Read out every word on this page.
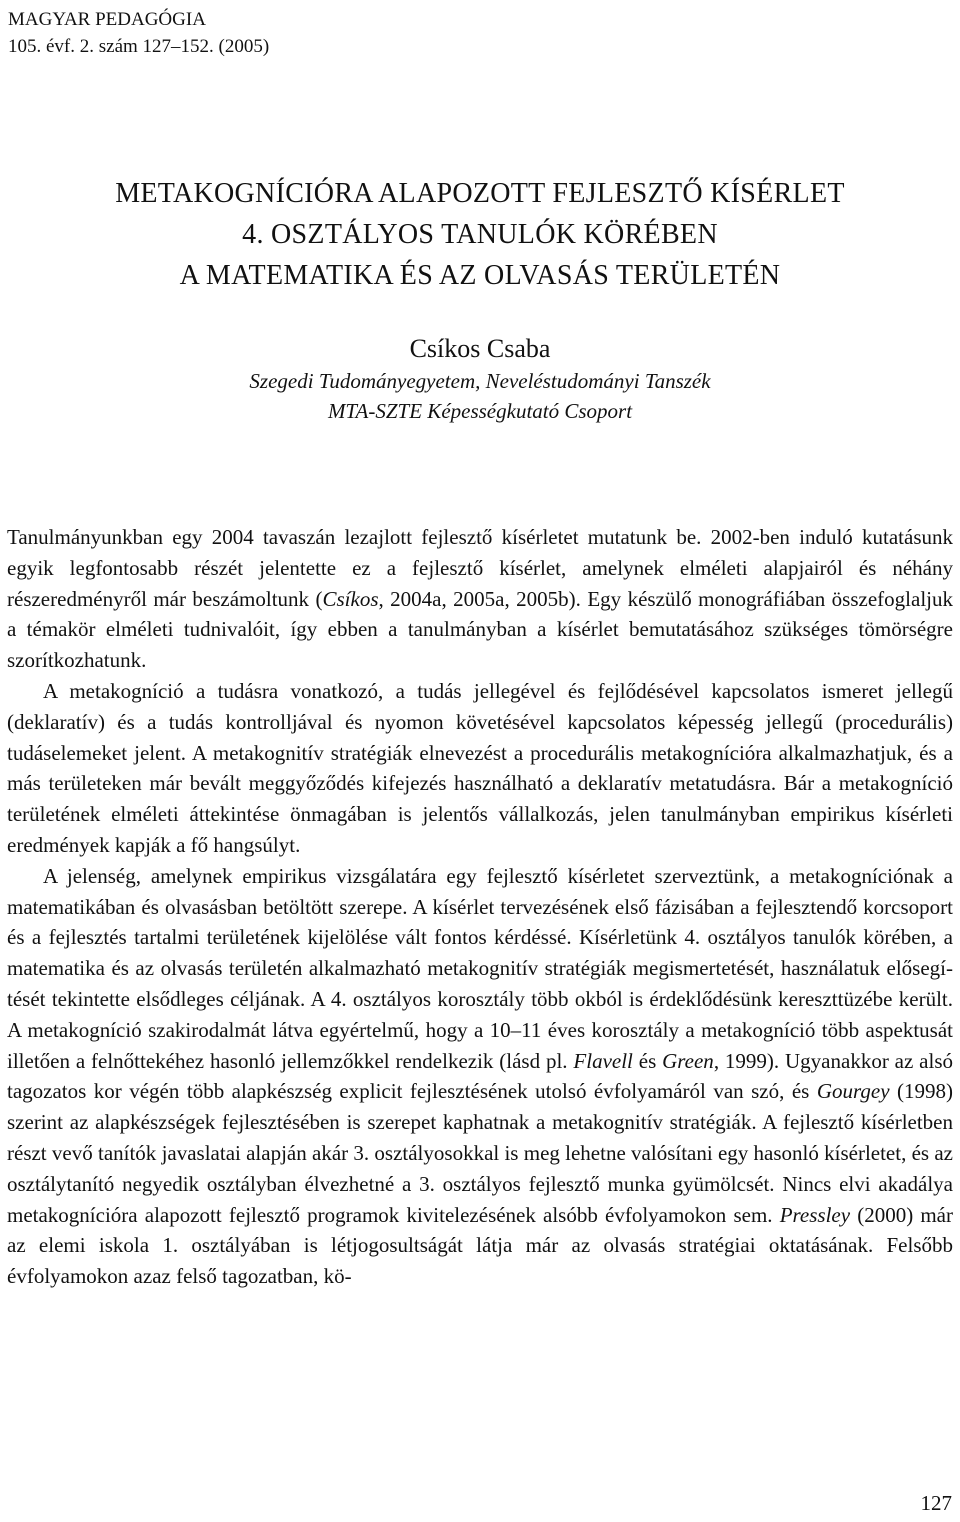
MAGYAR PEDAGÓGIA
105. évf. 2. szám 127–152. (2005)
METAKOGNÍCIÓRA ALAPOZOTT FEJLESZTŐ KÍSÉRLET
4. OSZTÁLYOS TANULÓK KÖRÉBEN
A MATEMATIKA ÉS AZ OLVASÁS TERÜLETÉN
Csíkos Csaba
Szegedi Tudományegyetem, Neveléstudományi Tanszék
MTA-SZTE Képességkutató Csoport

Tanulmányunkban egy 2004 tavaszán lezajlott fejlesztő kísérletet mutatunk be. 2002-ben induló kutatásunk egyik legfontosabb részét jelentette ez a fejlesztő kísérlet, amelynek elméleti alapjairól és néhány részeredményről már beszámoltunk (Csíkos, 2004a, 2005a, 2005b). Egy készülő monográfiában összefoglaljuk a témakör elméleti tudnivalóit, így ebben a tanulmányban a kísérlet bemutatásához szükséges tömörségre szorítkozhatunk.

A metakogníció a tudásra vonatkozó, a tudás jellegével és fejlődésével kapcsolatos ismeret jellegű (deklaratív) és a tudás kontrolljával és nyomon követésével kapcsolatos képesség jellegű (procedurális) tudáselemeket jelent. A metakognitív stratégiák elnevezést a procedurális metakognícióra alkalmazhatjuk, és a más területeken már bevált meggyőződés kifejezés használható a deklaratív metatudásra. Bár a metakogníció területének elméleti áttekintése önmagában is jelentős vállalkozás, jelen tanulmányban empirikus kísérleti eredmények kapják a fő hangsúlyt.

A jelenség, amelynek empirikus vizsgálatára egy fejlesztő kísérletet szerveztünk, a metakogníciónak a matematikában és olvasásban betöltött szerepe. A kísérlet tervezésének első fázisában a fejlesztendő korcsoport és a fejlesztés tartalmi területének kijelölése vált fontos kérdéssé. Kísérletünk 4. osztályos tanulók körében, a matematika és az olvasás területén alkalmazható metakognitív stratégiák megismertetését, használatuk elősegítését tekintette elsődleges céljának. A 4. osztályos korosztály több okból is érdeklődésünk kereszttüzébe került. A metakogníció szakirodalmát látva egyértelmű, hogy a 10–11 éves korosztály a metakogníció több aspektusát illetően a felnőttekéhez hasonló jellemzőkkel rendelkezik (lásd pl. Flavell és Green, 1999). Ugyanakkor az alsó tagozatos kor végén több alapkészség explicit fejlesztésének utolsó évfolyamáról van szó, és Gourgey (1998) szerint az alapkészségek fejlesztésében is szerepet kaphatnak a metakognitív stratégiák. A fejlesztő kísérletben részt vevő tanítók javaslatai alapján akár 3. osztályosokkal is meg lehetne valósítani egy hasonló kísérletet, és az osztálytanító negyedik osztályban élvezhetné a 3. osztályos fejlesztő munka gyümölcsét. Nincs elvi akadálya metakognícióra alapozott fejlesztő programok kivitelezésének alsóbb évfolyamokon sem. Pressley (2000) már az elemi iskola 1. osztályában is létjogosultságát látja már az olvasás stratégiai oktatásának. Felsőbb évfolyamokon azaz felső tagozatban, kö-

127
